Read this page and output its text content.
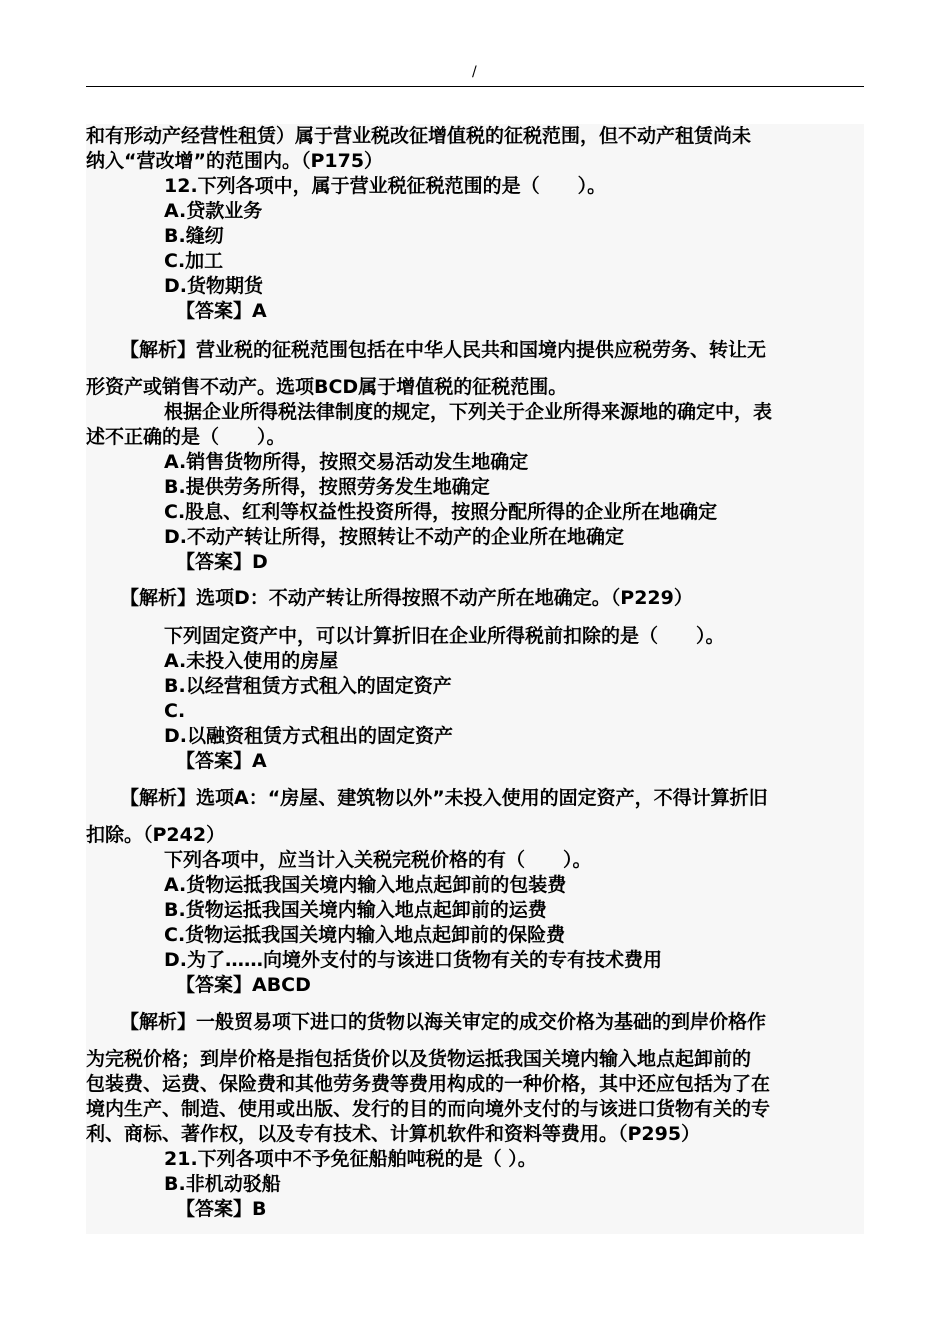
/
和有形动产经营性租赁）属于营业税改征增值税的征税范围，但不动产租赁尚未
纳入“营改增”的范围内。（P175）
12.下列各项中，属于营业税征税范围的是（　　）。
A.贷款业务
B.缝纫
C.加工
D.货物期货
【答案】A
【解析】营业税的征税范围包括在中华人民共和国境内提供应税劳务、转让无
形资产或销售不动产。选项BCD属于增值税的征税范围。
根据企业所得税法律制度的规定，下列关于企业所得来源地的确定中，表
述不正确的是（　　）。
A.销售货物所得，按照交易活动发生地确定
B.提供劳务所得，按照劳务发生地确定
C.股息、红利等权益性投资所得，按照分配所得的企业所在地确定
D.不动产转让所得，按照转让不动产的企业所在地确定
【答案】D
【解析】选项D：不动产转让所得按照不动产所在地确定。（P229）
下列固定资产中，可以计算折旧在企业所得税前扣除的是（　　）。
A.未投入使用的房屋
B.以经营租赁方式租入的固定资产
C.
D.以融资租赁方式租出的固定资产
【答案】A
【解析】选项A：“房屋、建筑物以外”未投入使用的固定资产，不得计算折旧
扣除。（P242）
下列各项中，应当计入关税完税价格的有（　　）。
A.货物运抵我国关境内输入地点起卸前的包装费
B.货物运抵我国关境内输入地点起卸前的运费
C.货物运抵我国关境内输入地点起卸前的保险费
D.为了……向境外支付的与该进口货物有关的专有技术费用
【答案】ABCD
【解析】一般贸易项下进口的货物以海关审定的成交价格为基础的到岸价格作
为完税价格；到岸价格是指包括货价以及货物运抵我国关境内输入地点起卸前的
包装费、运费、保险费和其他劳务费等费用构成的一种价格，其中还应包括为了在
境内生产、制造、使用或出版、发行的目的而向境外支付的与该进口货物有关的专
利、商标、著作权，以及专有技术、计算机软件和资料等费用。（P295）
21.下列各项中不予免征船舶吨税的是（ ）。
B.非机动驳船
【答案】B
